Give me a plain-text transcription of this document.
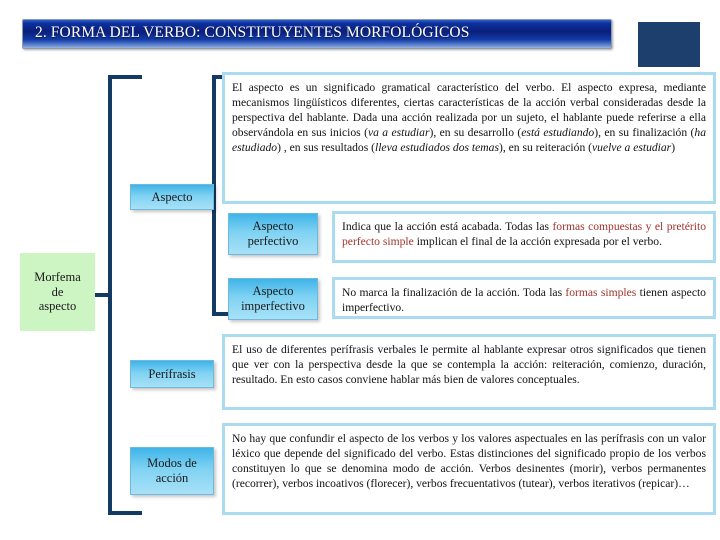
2. FORMA DEL VERBO: CONSTITUYENTES MORFOLÓGICOS
Morfema
de
aspecto
Aspecto
Aspecto
perfectivo
Aspecto
imperfectivo
Perífrasis
Modos de
acción
El aspecto es un significado gramatical característico del verbo. El aspecto expresa, mediante mecanismos lingüísticos diferentes, ciertas características de la acción verbal consideradas desde la perspectiva del hablante. Dada una acción realizada por un sujeto, el hablante puede referirse a ella observándola en sus inicios (va a estudiar), en su desarrollo (está estudiando), en su finalización (ha estudiado) , en sus resultados (lleva estudiados dos temas), en su reiteración (vuelve a estudiar)
Indica que la acción está acabada. Todas las formas compuestas y el pretérito perfecto simple implican el final de la acción expresada por el verbo.
No marca la finalización de la acción. Toda las formas simples tienen aspecto imperfectivo.
El uso de diferentes perífrasis verbales le permite al hablante expresar otros significados que tienen que ver con la perspectiva desde la que se contempla la acción: reiteración, comienzo, duración, resultado. En esto casos conviene hablar más bien de valores conceptuales.
No hay que confundir el aspecto de los verbos y los valores aspectuales en las perífrasis con un valor léxico que depende del significado del verbo. Estas distinciones del significado propio de los verbos constituyen lo que se denomina modo de acción. Verbos desinentes (morir), verbos permanentes (recorrer), verbos incoativos (florecer), verbos frecuentativos (tutear), verbos iterativos (repicar)…
